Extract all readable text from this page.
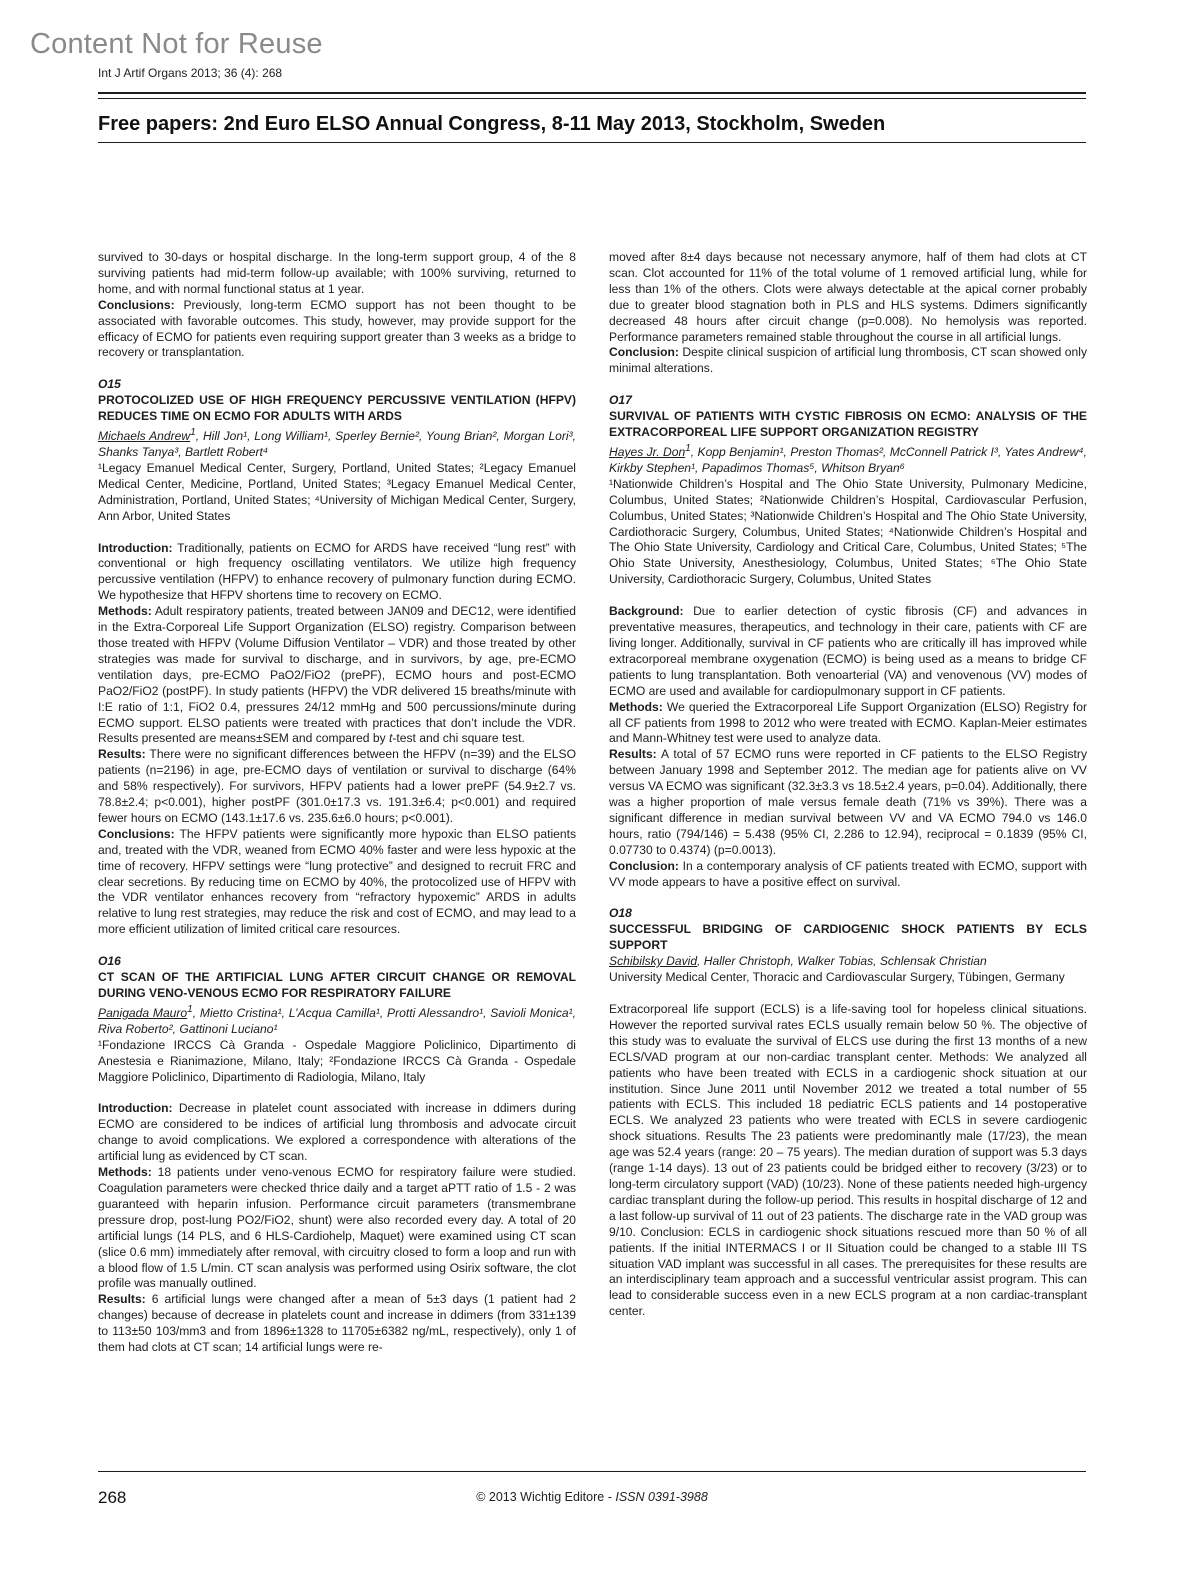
Content Not for Reuse
Int J Artif Organs 2013; 36 (4): 268
Free papers: 2nd Euro ELSO Annual Congress, 8-11 May 2013, Stockholm, Sweden

survived to 30-days or hospital discharge. In the long-term support group, 4 of the 8 surviving patients had mid-term follow-up available; with 100% surviving, returned to home, and with normal functional status at 1 year.
Conclusions: Previously, long-term ECMO support has not been thought to be associated with favorable outcomes. This study, however, may provide support for the efficacy of ECMO for patients even requiring support greater than 3 weeks as a bridge to recovery or transplantation.

O15

PROTOCOLIZED USE OF HIGH FREQUENCY PERCUSSIVE VENTILATION (HFPV) REDUCES TIME ON ECMO FOR ADULTS WITH ARDS

Michaels Andrew$^1$, Hill Jon¹, Long William¹, Sperley Bernie², Young Brian², Morgan Lori³, Shanks Tanya³, Bartlett Robert⁴

¹Legacy Emanuel Medical Center, Surgery, Portland, United States; ²Legacy Emanuel Medical Center, Medicine, Portland, United States; ³Legacy Emanuel Medical Center, Administration, Portland, United States; ⁴University of Michigan Medical Center, Surgery, Ann Arbor, United States

Introduction: Traditionally, patients on ECMO for ARDS have received “lung rest” with conventional or high frequency oscillating ventilators. We utilize high frequency percussive ventilation (HFPV) to enhance recovery of pulmonary function during ECMO. We hypothesize that HFPV shortens time to recovery on ECMO.
Methods: Adult respiratory patients, treated between JAN09 and DEC12, were identified in the Extra-Corporeal Life Support Organization (ELSO) registry. Comparison between those treated with HFPV (Volume Diffusion Ventilator – VDR) and those treated by other strategies was made for survival to discharge, and in survivors, by age, pre-ECMO ventilation days, pre-ECMO PaO2/FiO2 (prePF), ECMO hours and post-ECMO PaO2/FiO2 (postPF). In study patients (HFPV) the VDR delivered 15 breaths/minute with I:E ratio of 1:1, FiO2 0.4, pressures 24/12 mmHg and 500 percussions/minute during ECMO support. ELSO patients were treated with practices that don’t include the VDR. Results presented are means±SEM and compared by t-test and chi square test.
Results: There were no significant differences between the HFPV (n=39) and the ELSO patients (n=2196) in age, pre-ECMO days of ventilation or survival to discharge (64% and 58% respectively). For survivors, HFPV patients had a lower prePF (54.9±2.7 vs. 78.8±2.4; p<0.001), higher postPF (301.0±17.3 vs. 191.3±6.4; p<0.001) and required fewer hours on ECMO (143.1±17.6 vs. 235.6±6.0 hours; p<0.001).
Conclusions: The HFPV patients were significantly more hypoxic than ELSO patients and, treated with the VDR, weaned from ECMO 40% faster and were less hypoxic at the time of recovery. HFPV settings were “lung protective” and designed to recruit FRC and clear secretions. By reducing time on ECMO by 40%, the protocolized use of HFPV with the VDR ventilator enhances recovery from “refractory hypoxemic” ARDS in adults relative to lung rest strategies, may reduce the risk and cost of ECMO, and may lead to a more efficient utilization of limited critical care resources.

O16

CT SCAN OF THE ARTIFICIAL LUNG AFTER CIRCUIT CHANGE OR REMOVAL DURING VENO-VENOUS ECMO FOR RESPIRATORY FAILURE

Panigada Mauro$^1$, Mietto Cristina¹, L’Acqua Camilla¹, Protti Alessandro¹, Savioli Monica¹, Riva Roberto², Gattinoni Luciano¹

¹Fondazione IRCCS Cà Granda - Ospedale Maggiore Policlinico, Dipartimento di Anestesia e Rianimazione, Milano, Italy; ²Fondazione IRCCS Cà Granda - Ospedale Maggiore Policlinico, Dipartimento di Radiologia, Milano, Italy

Introduction: Decrease in platelet count associated with increase in ddimers during ECMO are considered to be indices of artificial lung thrombosis and advocate circuit change to avoid complications. We explored a correspondence with alterations of the artificial lung as evidenced by CT scan.
Methods: 18 patients under veno-venous ECMO for respiratory failure were studied. Coagulation parameters were checked thrice daily and a target aPTT ratio of 1.5 - 2 was guaranteed with heparin infusion. Performance circuit parameters (transmembrane pressure drop, post-lung PO2/FiO2, shunt) were also recorded every day. A total of 20 artificial lungs (14 PLS, and 6 HLS-Cardiohelp, Maquet) were examined using CT scan (slice 0.6 mm) immediately after removal, with circuitry closed to form a loop and run with a blood flow of 1.5 L/min. CT scan analysis was performed using Osirix software, the clot profile was manually outlined.
Results: 6 artificial lungs were changed after a mean of 5±3 days (1 patient had 2 changes) because of decrease in platelets count and increase in ddimers (from 331±139 to 113±50 103/mm3 and from 1896±1328 to 11705±6382 ng/mL, respectively), only 1 of them had clots at CT scan; 14 artificial lungs were re-

moved after 8±4 days because not necessary anymore, half of them had clots at CT scan. Clot accounted for 11% of the total volume of 1 removed artificial lung, while for less than 1% of the others. Clots were always detectable at the apical corner probably due to greater blood stagnation both in PLS and HLS systems. Ddimers significantly decreased 48 hours after circuit change (p=0.008). No hemolysis was reported. Performance parameters remained stable throughout the course in all artificial lungs.
Conclusion: Despite clinical suspicion of artificial lung thrombosis, CT scan showed only minimal alterations.

O17

SURVIVAL OF PATIENTS WITH CYSTIC FIBROSIS ON ECMO: ANALYSIS OF THE EXTRACORPOREAL LIFE SUPPORT ORGANIZATION REGISTRY

Hayes Jr. Don$^1$, Kopp Benjamin¹, Preston Thomas², McConnell Patrick I³, Yates Andrew⁴, Kirkby Stephen¹, Papadimos Thomas⁵, Whitson Bryan⁶

¹Nationwide Children’s Hospital and The Ohio State University, Pulmonary Medicine, Columbus, United States; ²Nationwide Children’s Hospital, Cardiovascular Perfusion, Columbus, United States; ³Nationwide Children’s Hospital and The Ohio State University, Cardiothoracic Surgery, Columbus, United States; ⁴Nationwide Children’s Hospital and The Ohio State University, Cardiology and Critical Care, Columbus, United States; ⁵The Ohio State University, Anesthesiology, Columbus, United States; ⁶The Ohio State University, Cardiothoracic Surgery, Columbus, United States

Background: Due to earlier detection of cystic fibrosis (CF) and advances in preventative measures, therapeutics, and technology in their care, patients with CF are living longer. Additionally, survival in CF patients who are critically ill has improved while extracorporeal membrane oxygenation (ECMO) is being used as a means to bridge CF patients to lung transplantation. Both venoarterial (VA) and venovenous (VV) modes of ECMO are used and available for cardiopulmonary support in CF patients.
Methods: We queried the Extracorporeal Life Support Organization (ELSO) Registry for all CF patients from 1998 to 2012 who were treated with ECMO. Kaplan-Meier estimates and Mann-Whitney test were used to analyze data.
Results: A total of 57 ECMO runs were reported in CF patients to the ELSO Registry between January 1998 and September 2012. The median age for patients alive on VV versus VA ECMO was significant (32.3±3.3 vs 18.5±2.4 years, p=0.04). Additionally, there was a higher proportion of male versus female death (71% vs 39%). There was a significant difference in median survival between VV and VA ECMO 794.0 vs 146.0 hours, ratio (794/146) = 5.438 (95% CI, 2.286 to 12.94), reciprocal = 0.1839 (95% CI, 0.07730 to 0.4374) (p=0.0013).
Conclusion: In a contemporary analysis of CF patients treated with ECMO, support with VV mode appears to have a positive effect on survival.

O18

SUCCESSFUL BRIDGING OF CARDIOGENIC SHOCK PATIENTS BY ECLS SUPPORT

Schibilsky David, Haller Christoph, Walker Tobias, Schlensak Christian

University Medical Center, Thoracic and Cardiovascular Surgery, Tübingen, Germany

Extracorporeal life support (ECLS) is a life-saving tool for hopeless clinical situations. However the reported survival rates ECLS usually remain below 50 %. The objective of this study was to evaluate the survival of ELCS use during the first 13 months of a new ECLS/VAD program at our non-cardiac transplant center. Methods: We analyzed all patients who have been treated with ECLS in a cardiogenic shock situation at our institution. Since June 2011 until November 2012 we treated a total number of 55 patients with ECLS. This included 18 pediatric ECLS patients and 14 postoperative ECLS. We analyzed 23 patients who were treated with ECLS in severe cardiogenic shock situations. Results The 23 patients were predominantly male (17/23), the mean age was 52.4 years (range: 20 – 75 years). The median duration of support was 5.3 days (range 1-14 days). 13 out of 23 patients could be bridged either to recovery (3/23) or to long-term circulatory support (VAD) (10/23). None of these patients needed high-urgency cardiac transplant during the follow-up period. This results in hospital discharge of 12 and a last follow-up survival of 11 out of 23 patients. The discharge rate in the VAD group was 9/10. Conclusion: ECLS in cardiogenic shock situations rescued more than 50 % of all patients. If the initial INTERMACS I or II Situation could be changed to a stable III TS situation VAD implant was successful in all cases. The prerequisites for these results are an interdisciplinary team approach and a successful ventricular assist program. This can lead to considerable success even in a new ECLS program at a non cardiac-transplant center.

268	© 2013 Wichtig Editore - ISSN 0391-3988
